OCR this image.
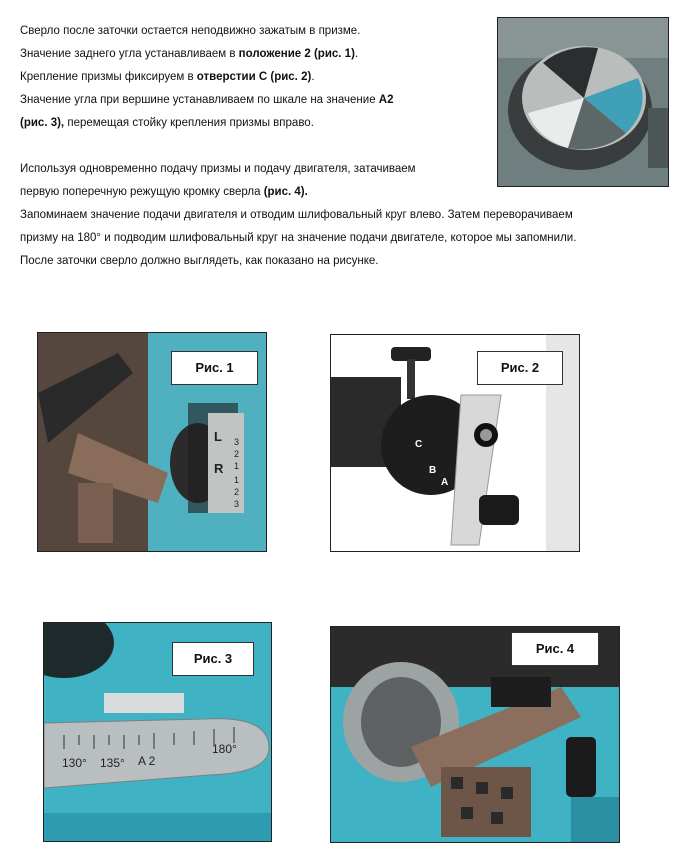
Сверло после заточки остается неподвижно зажатым в призме.

Значение заднего угла устанавливаем в положение 2 (рис. 1).

Крепление призмы фиксируем в отверстии С (рис. 2).

Значение угла при вершине устанавливаем по шкале на значение А2

(рис. 3), перемещая стойку крепления призмы вправо.

Используя одновременно подачу призмы и подачу двигателя, затачиваем

первую поперечную режущую кромку сверла (рис. 4).

Запоминаем значение подачи двигателя и отводим шлифовальный круг влево. Затем переворачиваем

призму на 180° и подводим шлифовальный круг на значение подачи двигателе, которое мы запомнили.

После заточки сверло должно выглядеть, как показано на рисунке.

L
R
3
2
1
1
2
3
Рис. 1
C
B
A
Рис. 2
130° 135° A 2
180°
Рис. 3
Рис. 4
